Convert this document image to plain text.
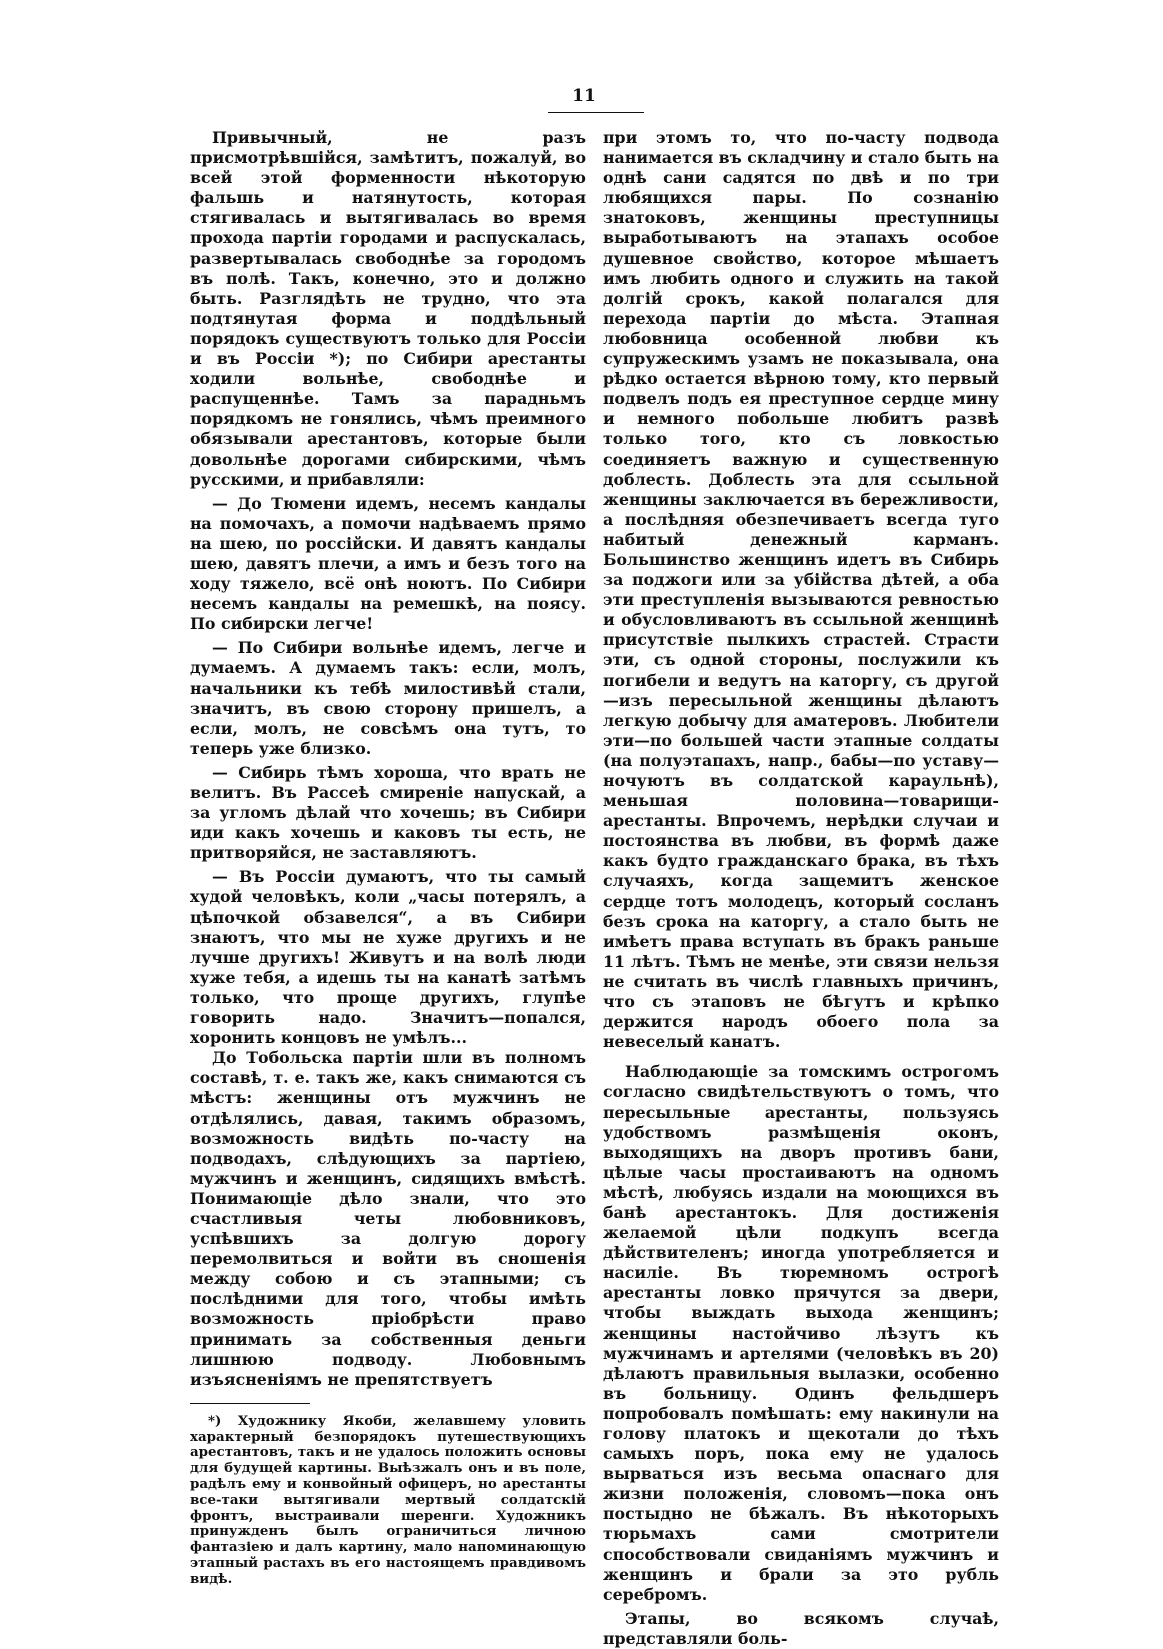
11

Привычный, не разъ присмотрѣвшійся, замѣтитъ, пожалуй, во всей этой форменности нѣкоторую фальшь и натянутость, которая стягивалась и вытягивалась во время прохода партіи городами и распускалась, развертывалась свободнѣе за городомъ въ полѣ. Такъ, конечно, это и должно быть. Разглядѣть не трудно, что эта подтянутая форма и поддѣльный порядокъ существуютъ только для Россіи и въ Россіи *); по Сибири арестанты ходили вольнѣе, свободнѣе и распущеннѣе. Тамъ за парадньмъ порядкомъ не гонялись, чѣмъ преимного обязывали арестантовъ, которые были довольнѣе дорогами сибирскими, чѣмъ русскими, и прибавляли:

— До Тюмени идемъ, несемъ кандалы на помочахъ, а помочи надѣваемъ прямо на шею, по россійски. И давятъ кандалы шею, давятъ плечи, а имъ и безъ того на ходу тяжело, всё онѣ ноютъ. По Сибири несемъ кандалы на ремешкѣ, на поясу. По сибирски легче!

— По Сибири вольнѣе идемъ, легче и думаемъ. А думаемъ такъ: если, молъ, начальники къ тебѣ милостивѣй стали, значитъ, въ свою сторону пришелъ, а если, молъ, не совсѣмъ она тутъ, то теперь уже близко.

— Сибирь тѣмъ хороша, что врать не велитъ. Въ Рассеѣ смиреніе напускай, а за угломъ дѣлай что хочешь; въ Сибири иди какъ хочешь и каковъ ты есть, не притворяйся, не заставляютъ.

— Въ Россіи думаютъ, что ты самый худой человѣкъ, коли „часы потерялъ, а цѣпочкой обзавелся“, а въ Сибири знаютъ, что мы не хуже другихъ и не лучше другихъ! Живутъ и на волѣ люди хуже тебя, а идешь ты на канатѣ затѣмъ только, что проще другихъ, глупѣе говорить надо. Значитъ—попался, хоронить концовъ не умѣлъ...

До Тобольска партіи шли въ полномъ составѣ, т. е. такъ же, какъ снимаются съ мѣстъ: женщины отъ мужчинъ не отдѣлялись, давая, такимъ образомъ, возможность видѣть по-часту на подводахъ, слѣдующихъ за партіею, мужчинъ и женщинъ, сидящихъ вмѣстѣ. Понимающіе дѣло знали, что это счастливыя четы любовниковъ, успѣвшихъ за долгую дорогу перемолвиться и войти въ сношенія между собою и съ этапными; съ послѣдними для того, чтобы имѣть возможность пріобрѣсти право принимать за собственныя деньги лишнюю подводу. Любовнымъ изъясненіямъ не препятствуетъ

*) Художнику Якоби, желавшему уловить характерный безпорядокъ путешествующихъ арестантовъ, такъ и не удалось положить основы для будущей картины. Выѣзжалъ онъ и въ поле, радѣлъ ему и конвойный офицеръ, но арестанты все-таки вытягивали мертвый солдатскій фронтъ, выстраивали шеренги. Художникъ принужденъ былъ ограничиться личною фантазіею и далъ картину, мало напоминающую этапный растахъ въ его настоящемъ правдивомъ видѣ.

при этомъ то, что по-часту подвода нанимается въ складчину и стало быть на однѣ сани садятся по двѣ и по три любящихся пары. По сознанію знатоковъ, женщины преступницы выработываютъ на этапахъ особое душевное свойство, которое мѣшаетъ имъ любить одного и служить на такой долгій срокъ, какой полагался для перехода партіи до мѣста. Этапная любовница особенной любви къ супружескимъ узамъ не показывала, она рѣдко остается вѣрною тому, кто первый подвелъ подъ ея преступное сердце мину и немного побольше любитъ развѣ только того, кто съ ловкостью соединяетъ важную и существенную доблесть. Доблесть эта для ссыльной женщины заключается въ бережливости, а послѣдняя обезпечиваетъ всегда туго набитый денежный карманъ. Большинство женщинъ идетъ въ Сибирь за поджоги или за убійства дѣтей, а оба эти преступленія вызываются ревностью и обусловливаютъ въ ссыльной женщинѣ присутствіе пылкихъ страстей. Страсти эти, съ одной стороны, послужили къ погибели и ведутъ на каторгу, съ другой—изъ пересыльной женщины дѣлаютъ легкую добычу для аматеровъ. Любители эти—по большей части этапные солдаты (на полуэтапахъ, напр., бабы—по уставу—ночуютъ въ солдатской караульнѣ), меньшая половина—товарищи-арестанты. Впрочемъ, нерѣдки случаи и постоянства въ любви, въ формѣ даже какъ будто гражданскаго брака, въ тѣхъ случаяхъ, когда защемитъ женское сердце тотъ молодецъ, который сосланъ безъ срока на каторгу, а стало быть не имѣетъ права вступать въ бракъ раньше 11 лѣтъ. Тѣмъ не менѣе, эти связи нельзя не считать въ числѣ главныхъ причинъ, что съ этаповъ не бѣгутъ и крѣпко держится народъ обоего пола за невеселый канатъ.

Наблюдающіе за томскимъ острогомъ согласно свидѣтельствуютъ о томъ, что пересыльные арестанты, пользуясь удобствомъ размѣщенія оконъ, выходящихъ на дворъ противъ бани, цѣлые часы простаиваютъ на одномъ мѣстѣ, любуясь издали на моющихся въ банѣ арестантокъ. Для достиженія желаемой цѣли подкупъ всегда дѣйствителенъ; иногда употребляется и насиліе. Въ тюремномъ острогѣ арестанты ловко прячутся за двери, чтобы выждать выхода женщинъ; женщины настойчиво лѣзутъ къ мужчинамъ и артелями (человѣкъ въ 20) дѣлаютъ правильныя вылазки, особенно въ больницу. Одинъ фельдшеръ попробовалъ помѣшать: ему накинули на голову платокъ и щекотали до тѣхъ самыхъ поръ, пока ему не удалось вырваться изъ весьма опаснаго для жизни положенія, словомъ—пока онъ постыдно не бѣжалъ. Въ нѣкоторыхъ тюрьмахъ сами смотрители способствовали свиданіямъ мужчинъ и женщинъ и брали за это рубль серебромъ.

Этапы, во всякомъ случаѣ, представляли боль-
